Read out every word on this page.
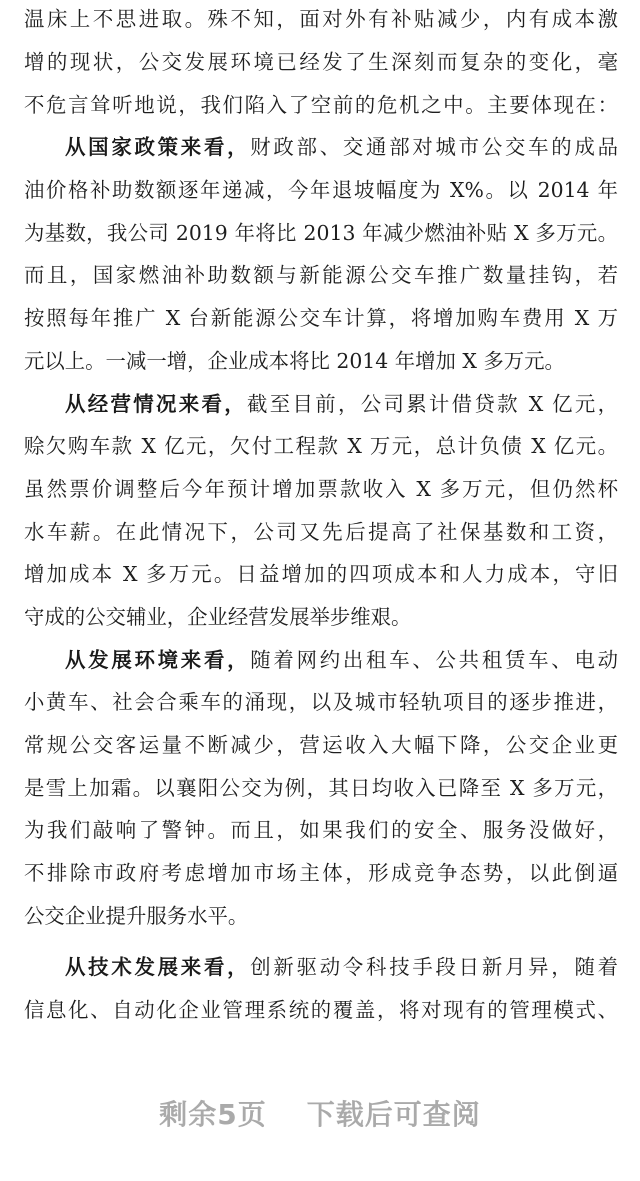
温床上不思进取。殊不知，面对外有补贴减少，内有成本激
增的现状，公交发展环境已经发了生深刻而复杂的变化，毫
不危言耸听地说，我们陷入了空前的危机之中。主要体现在：
从国家政策来看，财政部、交通部对城市公交车的成品
油价格补助数额逐年递减，今年退坡幅度为 X%。以 2014 年
为基数，我公司 2019 年将比 2013 年减少燃油补贴 X 多万元。
而且，国家燃油补助数额与新能源公交车推广数量挂钩，若
按照每年推广 X 台新能源公交车计算，将增加购车费用 X 万
元以上。一减一增，企业成本将比 2014 年增加 X 多万元。
从经营情况来看，截至目前，公司累计借贷款 X 亿元，
赊欠购车款 X 亿元，欠付工程款 X 万元，总计负债 X 亿元。
虽然票价调整后今年预计增加票款收入 X 多万元，但仍然杯
水车薪。在此情况下，公司又先后提高了社保基数和工资，
增加成本 X 多万元。日益增加的四项成本和人力成本，守旧
守成的公交辅业，企业经营发展举步维艰。
从发展环境来看，随着网约出租车、公共租赁车、电动
小黄车、社会合乘车的涌现，以及城市轻轨项目的逐步推进，
常规公交客运量不断减少，营运收入大幅下降，公交企业更
是雪上加霜。以襄阳公交为例，其日均收入已降至 X 多万元，
为我们敲响了警钟。而且，如果我们的安全、服务没做好，
不排除市政府考虑增加市场主体，形成竞争态势，以此倒逼
公交企业提升服务水平。
从技术发展来看，创新驱动令科技手段日新月异，随着
信息化、自动化企业管理系统的覆盖，将对现有的管理模式、
剩余5页 下载后可查阅
